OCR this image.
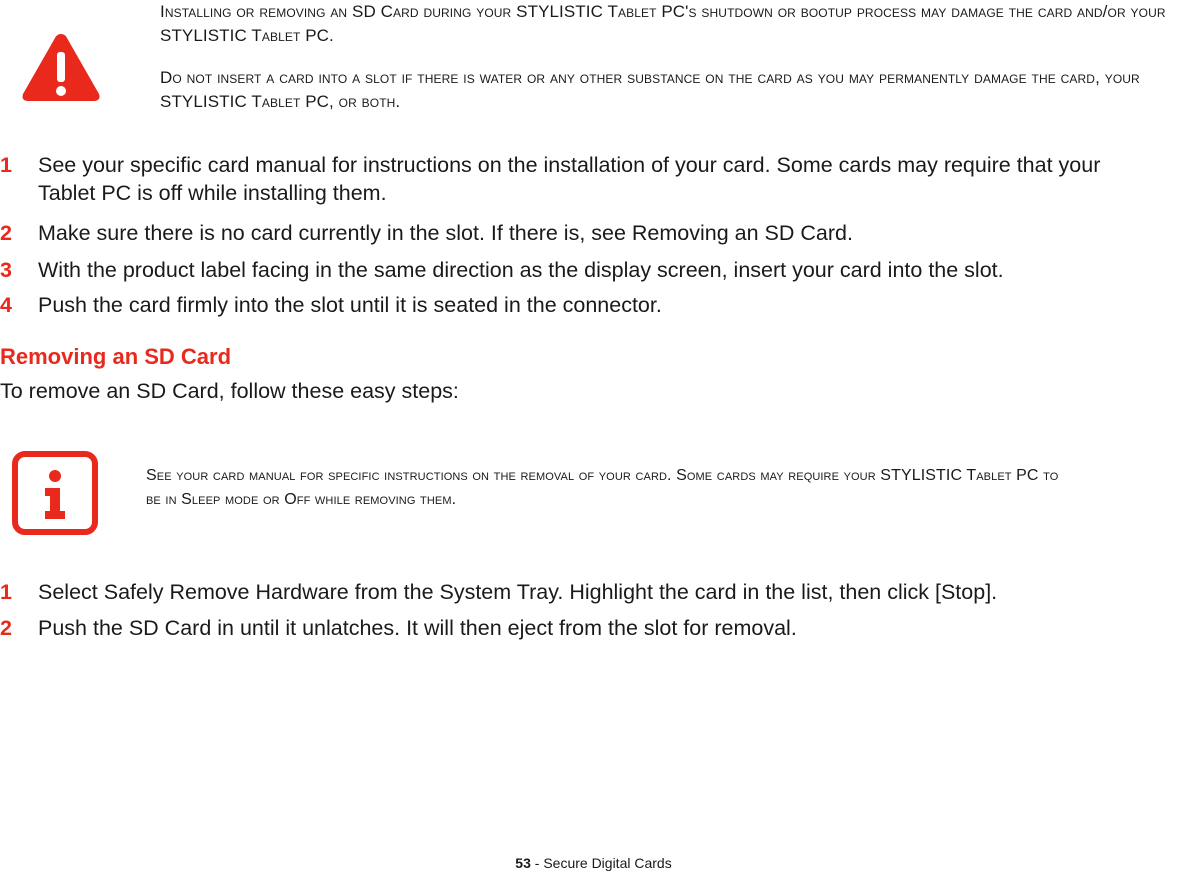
Installing or removing an SD Card during your STYLISTIC Tablet PC's shutdown or bootup process may damage the card and/or your STYLISTIC Tablet PC.
Do not insert a card into a slot if there is water or any other substance on the card as you may permanently damage the card, your STYLISTIC Tablet PC, or both.
1 See your specific card manual for instructions on the installation of your card. Some cards may require that your
Tablet PC is off while installing them.
2 Make sure there is no card currently in the slot. If there is, see Removing an SD Card.
3 With the product label facing in the same direction as the display screen, insert your card into the slot.
4 Push the card firmly into the slot until it is seated in the connector.
Removing an SD Card
To remove an SD Card, follow these easy steps:
See your card manual for specific instructions on the removal of your card. Some cards may require your STYLISTIC Tablet PC to
be in Sleep mode or Off while removing them.
1 Select Safely Remove Hardware from the System Tray. Highlight the card in the list, then click [Stop].
2 Push the SD Card in until it unlatches. It will then eject from the slot for removal.
53 - Secure Digital Cards
